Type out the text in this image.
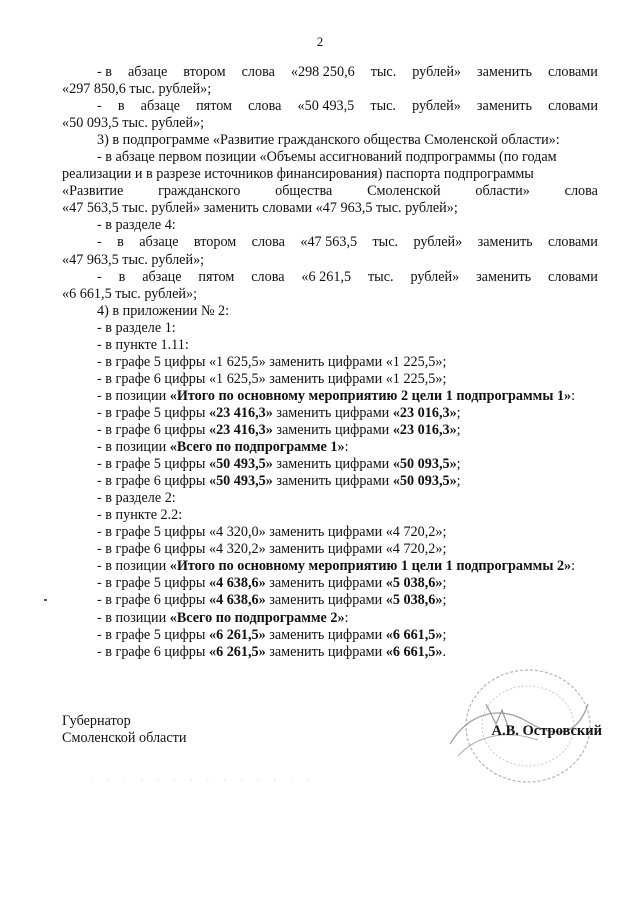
2
- в абзаце втором слова «298 250,6 тыс. рублей» заменить словами
«297 850,6 тыс. рублей»;
- в абзаце пятом слова «50 493,5 тыс. рублей» заменить словами
«50 093,5 тыс. рублей»;
3) в подпрограмме «Развитие гражданского общества Смоленской области»:
- в абзаце первом позиции «Объемы ассигнований подпрограммы (по годам
реализации и в разрезе источников финансирования) паспорта подпрограммы
«Развитие гражданского общества Смоленской области» слова
«47 563,5 тыс. рублей» заменить словами «47 963,5 тыс. рублей»;
- в разделе 4:
- в абзаце втором слова «47 563,5 тыс. рублей» заменить словами
«47 963,5 тыс. рублей»;
- в абзаце пятом слова «6 261,5 тыс. рублей» заменить словами
«6 661,5 тыс. рублей»;
4) в приложении № 2:
- в разделе 1:
- в пункте 1.11:
- в графе 5 цифры «1 625,5» заменить цифрами «1 225,5»;
- в графе 6 цифры «1 625,5» заменить цифрами «1 225,5»;
- в позиции «Итого по основному мероприятию 2 цели 1 подпрограммы 1»:
- в графе 5 цифры «23 416,3» заменить цифрами «23 016,3»;
- в графе 6 цифры «23 416,3» заменить цифрами «23 016,3»;
- в позиции «Всего по подпрограмме 1»:
- в графе 5 цифры «50 493,5» заменить цифрами «50 093,5»;
- в графе 6 цифры «50 493,5» заменить цифрами «50 093,5»;
- в разделе 2:
- в пункте 2.2:
- в графе 5 цифры «4 320,0» заменить цифрами «4 720,2»;
- в графе 6 цифры «4 320,2» заменить цифрами «4 720,2»;
- в позиции «Итого по основному мероприятию 1 цели 1 подпрограммы 2»:
- в графе 5 цифры «4 638,6» заменить цифрами «5 038,6»;
- в графе 6 цифры «4 638,6» заменить цифрами «5 038,6»;
- в позиции «Всего по подпрограмме 2»:
- в графе 5 цифры «6 261,5» заменить цифрами «6 661,5»;
- в графе 6 цифры «6 261,5» заменить цифрами «6 661,5».
Губернатор
Смоленской области	А.В. Островский
· · · · · · · · · · · · · ·
